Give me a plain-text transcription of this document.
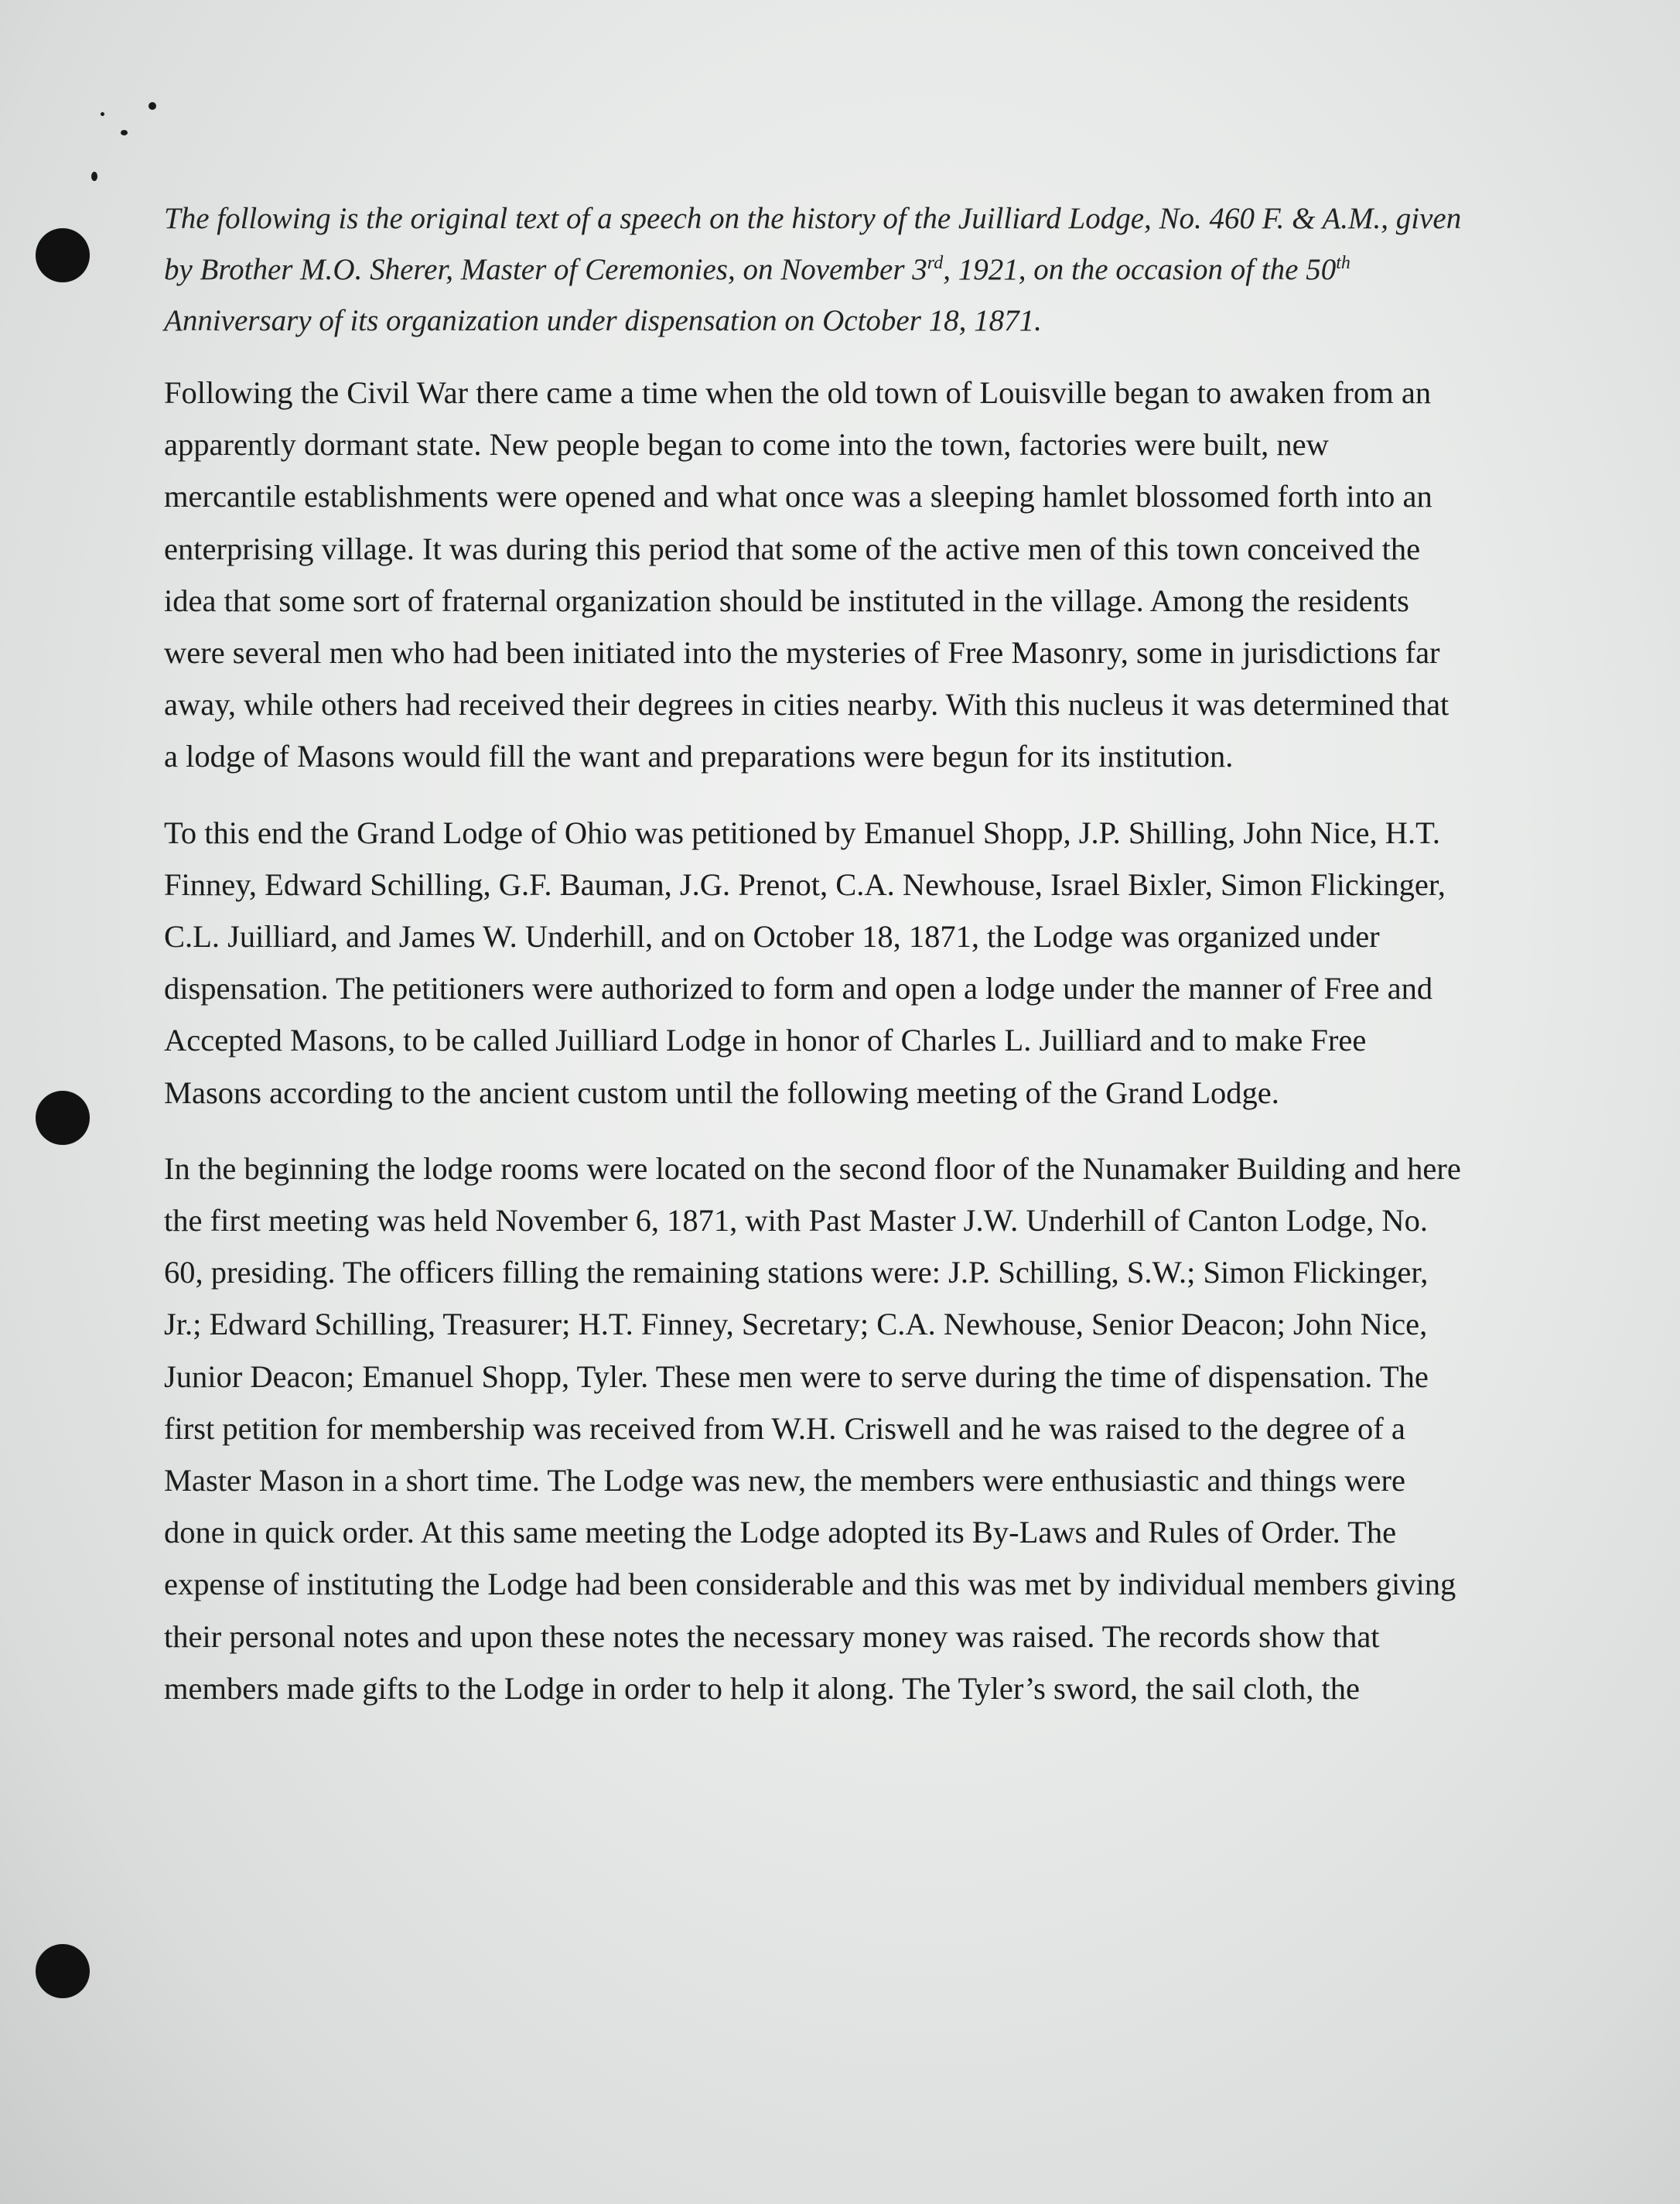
The following is the original text of a speech on the history of the Juilliard Lodge, No. 460 F. & A.M., given by Brother M.O. Sherer, Master of Ceremonies, on November 3rd, 1921, on the occasion of the 50th Anniversary of its organization under dispensation on October 18, 1871.

Following the Civil War there came a time when the old town of Louisville began to awaken from an apparently dormant state. New people began to come into the town, factories were built, new mercantile establishments were opened and what once was a sleeping hamlet blossomed forth into an enterprising village. It was during this period that some of the active men of this town conceived the idea that some sort of fraternal organization should be instituted in the village. Among the residents were several men who had been initiated into the mysteries of Free Masonry, some in jurisdictions far away, while others had received their degrees in cities nearby. With this nucleus it was determined that a lodge of Masons would fill the want and preparations were begun for its institution.

To this end the Grand Lodge of Ohio was petitioned by Emanuel Shopp, J.P. Shilling, John Nice, H.T. Finney, Edward Schilling, G.F. Bauman, J.G. Prenot, C.A. Newhouse, Israel Bixler, Simon Flickinger, C.L. Juilliard, and James W. Underhill, and on October 18, 1871, the Lodge was organized under dispensation. The petitioners were authorized to form and open a lodge under the manner of Free and Accepted Masons, to be called Juilliard Lodge in honor of Charles L. Juilliard and to make Free Masons according to the ancient custom until the following meeting of the Grand Lodge.

In the beginning the lodge rooms were located on the second floor of the Nunamaker Building and here the first meeting was held November 6, 1871, with Past Master J.W. Underhill of Canton Lodge, No. 60, presiding. The officers filling the remaining stations were: J.P. Schilling, S.W.; Simon Flickinger, Jr.; Edward Schilling, Treasurer; H.T. Finney, Secretary; C.A. Newhouse, Senior Deacon; John Nice, Junior Deacon; Emanuel Shopp, Tyler. These men were to serve during the time of dispensation. The first petition for membership was received from W.H. Criswell and he was raised to the degree of a Master Mason in a short time. The Lodge was new, the members were enthusiastic and things were done in quick order. At this same meeting the Lodge adopted its By-Laws and Rules of Order. The expense of instituting the Lodge had been considerable and this was met by individual members giving their personal notes and upon these notes the necessary money was raised. The records show that members made gifts to the Lodge in order to help it along. The Tyler’s sword, the sail cloth, the
